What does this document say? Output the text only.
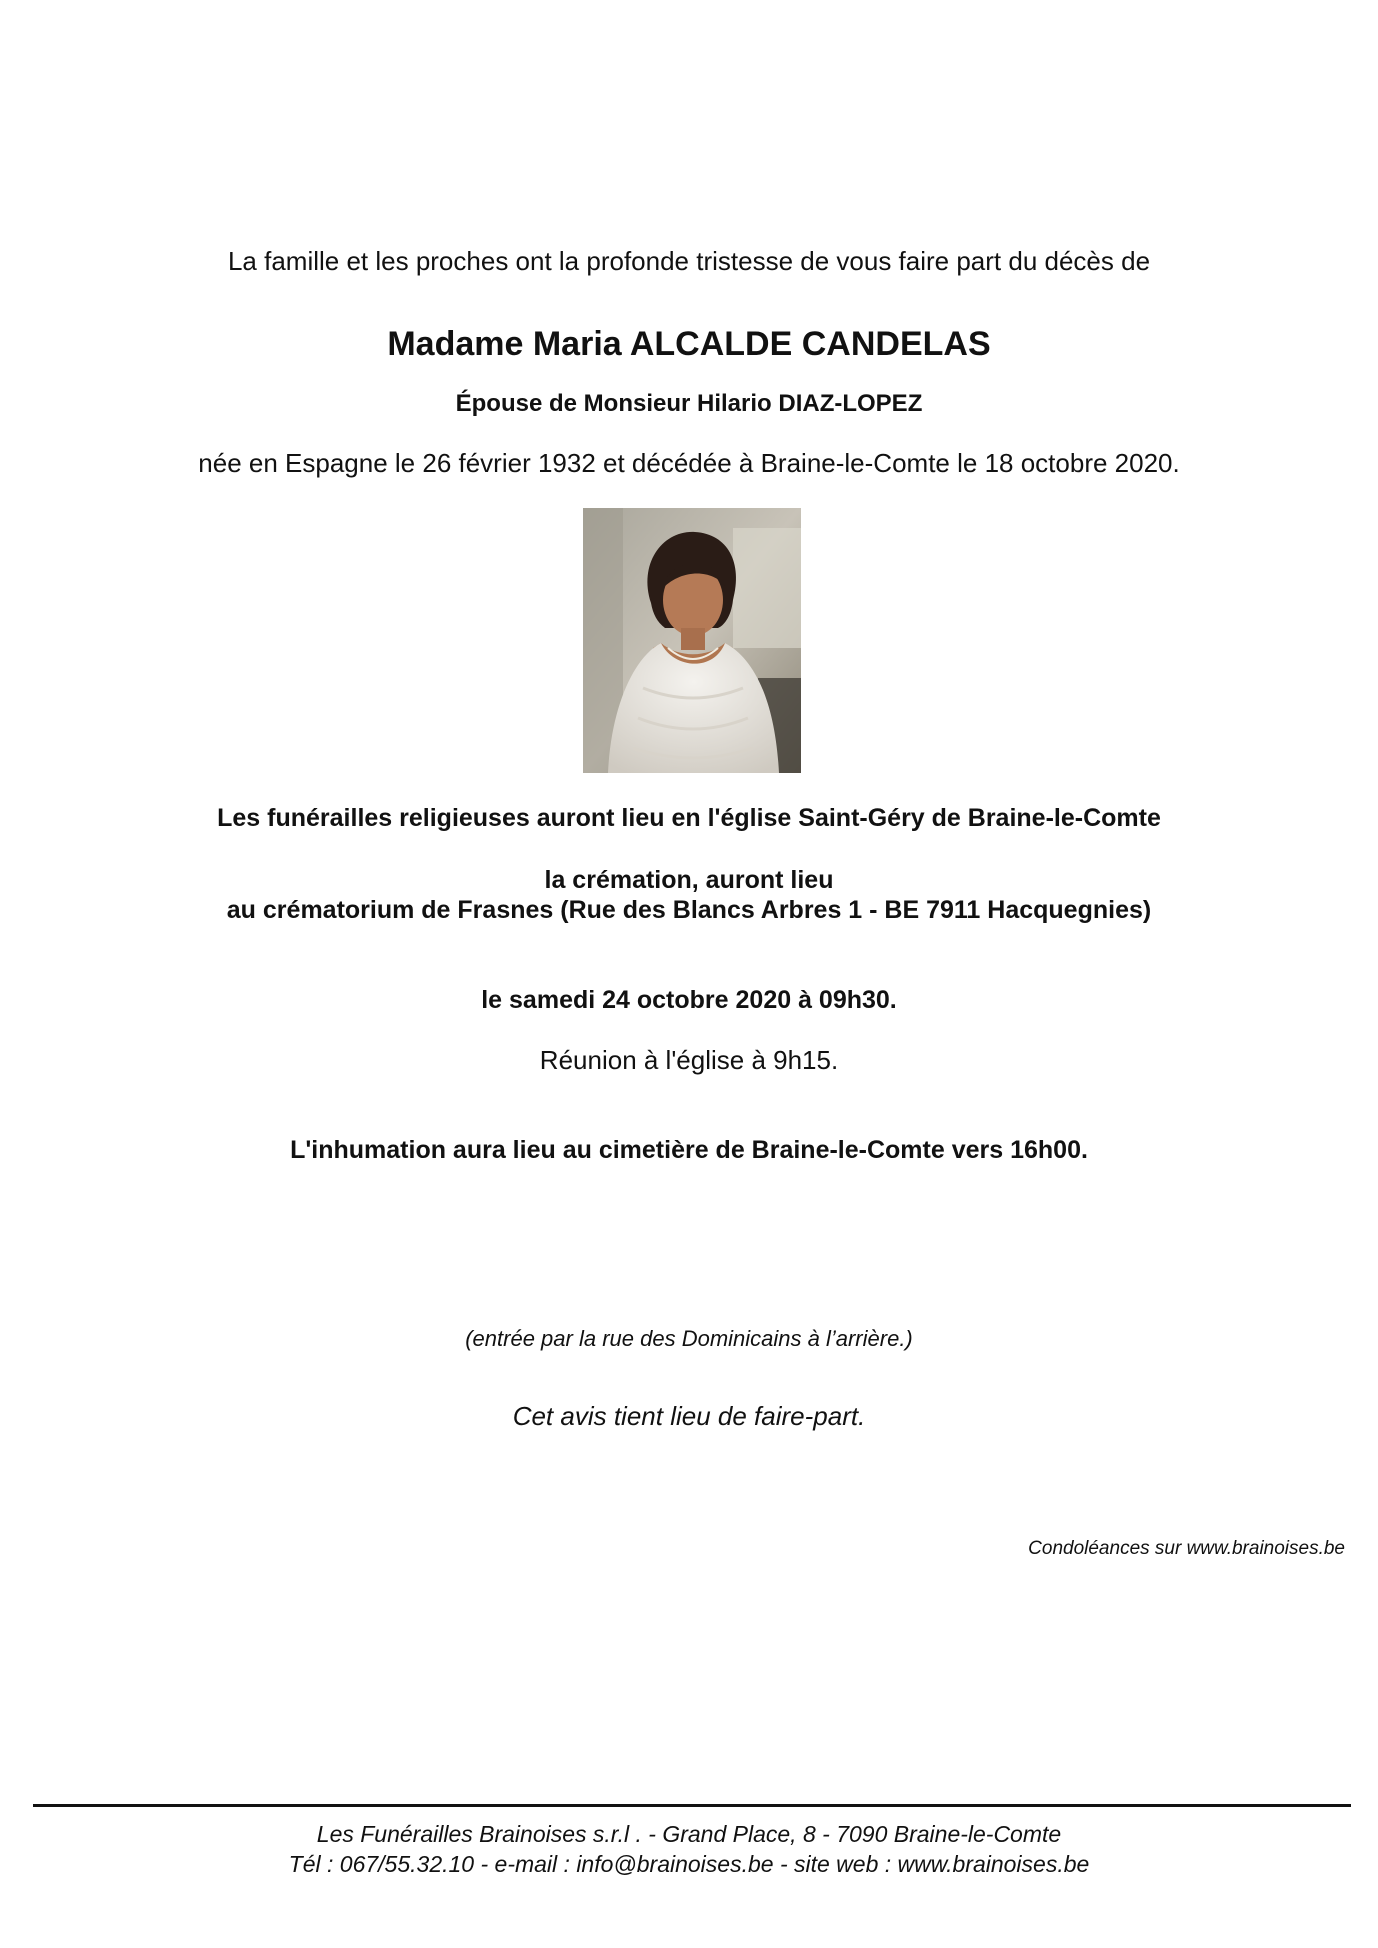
La famille et les proches ont la profonde tristesse de vous faire part du décès de
Madame Maria ALCALDE CANDELAS
Épouse de Monsieur Hilario DIAZ-LOPEZ
née en Espagne le 26 février 1932 et décédée à Braine-le-Comte le 18 octobre 2020.
Les funérailles religieuses auront lieu en l'église Saint-Géry de Braine-le-Comte
la crémation, auront lieu
au crématorium de Frasnes (Rue des Blancs Arbres 1 - BE 7911 Hacquegnies)
le samedi 24 octobre 2020 à 09h30.
Réunion à l'église à 9h15.
L'inhumation aura lieu au cimetière de Braine-le-Comte vers 16h00.
(entrée par la rue des Dominicains à l’arrière.)
Cet avis tient lieu de faire-part.
Condoléances sur www.brainoises.be
Les Funérailles Brainoises s.r.l . - Grand Place, 8 - 7090 Braine-le-Comte
Tél : 067/55.32.10 - e-mail : info@brainoises.be - site web : www.brainoises.be
